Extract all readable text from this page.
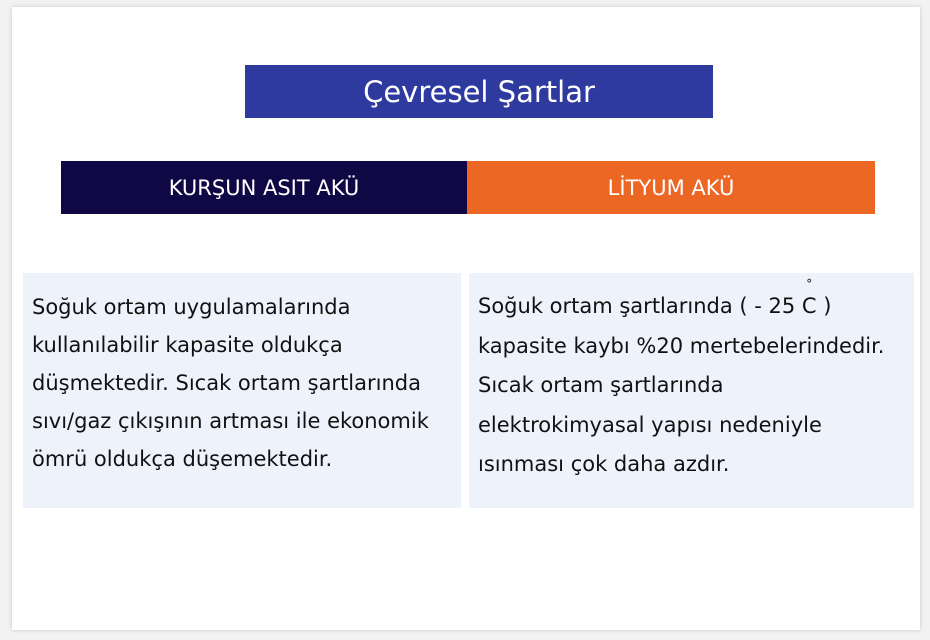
Çevresel Şartlar
KURŞUN ASIT AKÜ	LİTYUM AKÜ

Soğuk ortam uygulamalarında

kullanılabilir kapasite oldukça

düşmektedir. Sıcak ortam şartlarında

sıvı/gaz çıkışının artması ile ekonomik

ömrü oldukça düşemektedir.

Soğuk ortam şartlarında ( - 25
°
C )

kapasite kaybı %20 mertebelerindedir.

Sıcak ortam şartlarında

elektrokimyasal yapısı nedeniyle

ısınması çok daha azdır.
